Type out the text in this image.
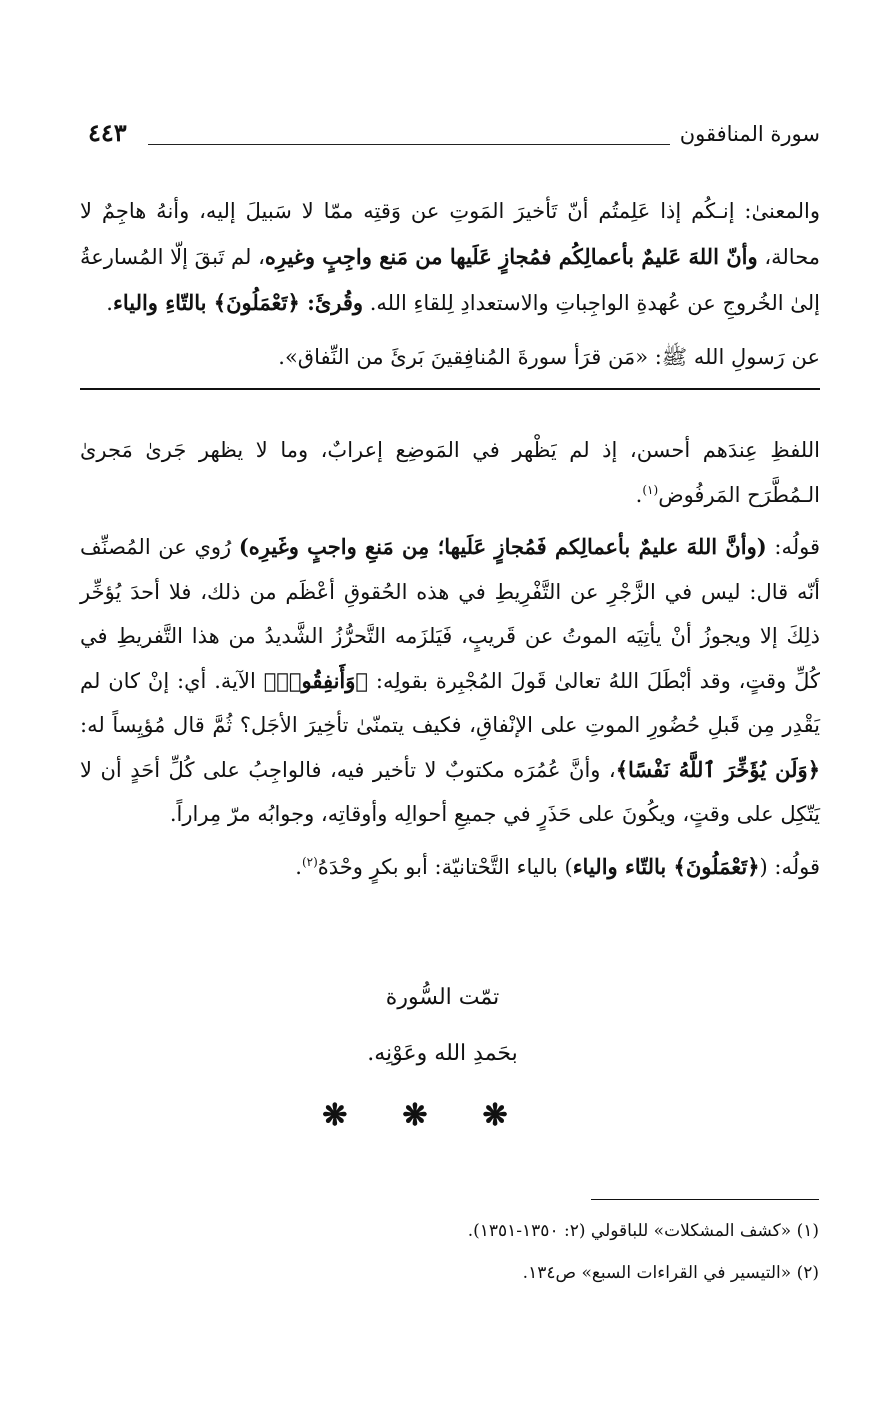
سورة المنافقون
٤٤٣

والمعنىٰ: إنـكُم إذا عَلِمتُم أنّ تَأخيرَ المَوتِ عن وَقتِه ممّا لا سَبيلَ إليه، وأنهُ هاجِمٌ لا محالة، وأنّ اللهَ عَليمٌ بأعمالِكُم فمُجازٍ عَلَيها من مَنع واجِبٍ وغيرِه، لم تَبقَ إلّا المُسارعةُ إلىٰ الخُروجِ عن عُهدةِ الواجِباتِ والاستعدادِ لِلقاءِ الله. وقُرئَ: ﴿تَعْمَلُونَ﴾ بالتّاءِ والياء.

عن رَسولِ الله ﷺ: «مَن قرَأ سورةَ المُنافِقينَ بَرئَ من النِّفاق».

اللفظِ عِندَهم أحسن، إذ لم يَظْهر في المَوضِع إعرابٌ، وما لا يظهر جَرىٰ مَجرىٰ الـمُطَّرَح المَرفُوض$^{(١)}$.

قولُه: (وأنَّ اللهَ عليمٌ بأعمالِكم فَمُجازٍ عَلَيها؛ مِن مَنعِ واجبٍ وغَيرِه) رُوي عن المُصنِّف أنّه قال: ليس في الزَّجْرِ عن التَّفْرِيطِ في هذه الحُقوقِ أعْظَم من ذلك، فلا أحدَ يُؤخِّر ذلِكَ إلا ويجوزُ أنْ يأتِيَه الموتُ عن قَريبٍ، فَيَلزَمه التَّحرُّزُ الشَّديدُ من هذا التَّفريطِ في كُلِّ وقتٍ، وقد أبْطَلَ اللهُ تعالىٰ قَولَ المُجْبِرة بقولِه: ﴿وَأَنفِقُوا۟﴾ الآية. أي: إنْ كان لم يَقْدِر مِن قَبلِ حُضُورِ الموتِ على الإنْفاقِ، فكيف يتمنّىٰ تأخِيرَ الأجَل؟ ثُمَّ قال مُؤيِساً له: ﴿وَلَن يُؤَخِّرَ ٱللَّهُ نَفْسًا﴾، وأنَّ عُمُرَه مكتوبٌ لا تأخير فيه، فالواجِبُ على كُلِّ أحَدٍ أن لا يَتّكِل على وقتٍ، ويكُونَ على حَذَرٍ في جميعِ أحوالِه وأوقاتِه، وجوابُه مرّ مِراراً.

قولُه: (﴿تَعْمَلُونَ﴾ بالتّاء والياء) بالياء التَّحْتانيّة: أبو بكرٍ وحْدَهُ$^{(٢)}$.

تمّت السُّورة

بحَمدِ الله وعَوْنِه.

❋❋❋

(١) «كشف المشكلات» للباقولي (٢: ١٣٥٠-١٣٥١).

(٢) «التيسير في القراءات السبع» ص١٣٤.
